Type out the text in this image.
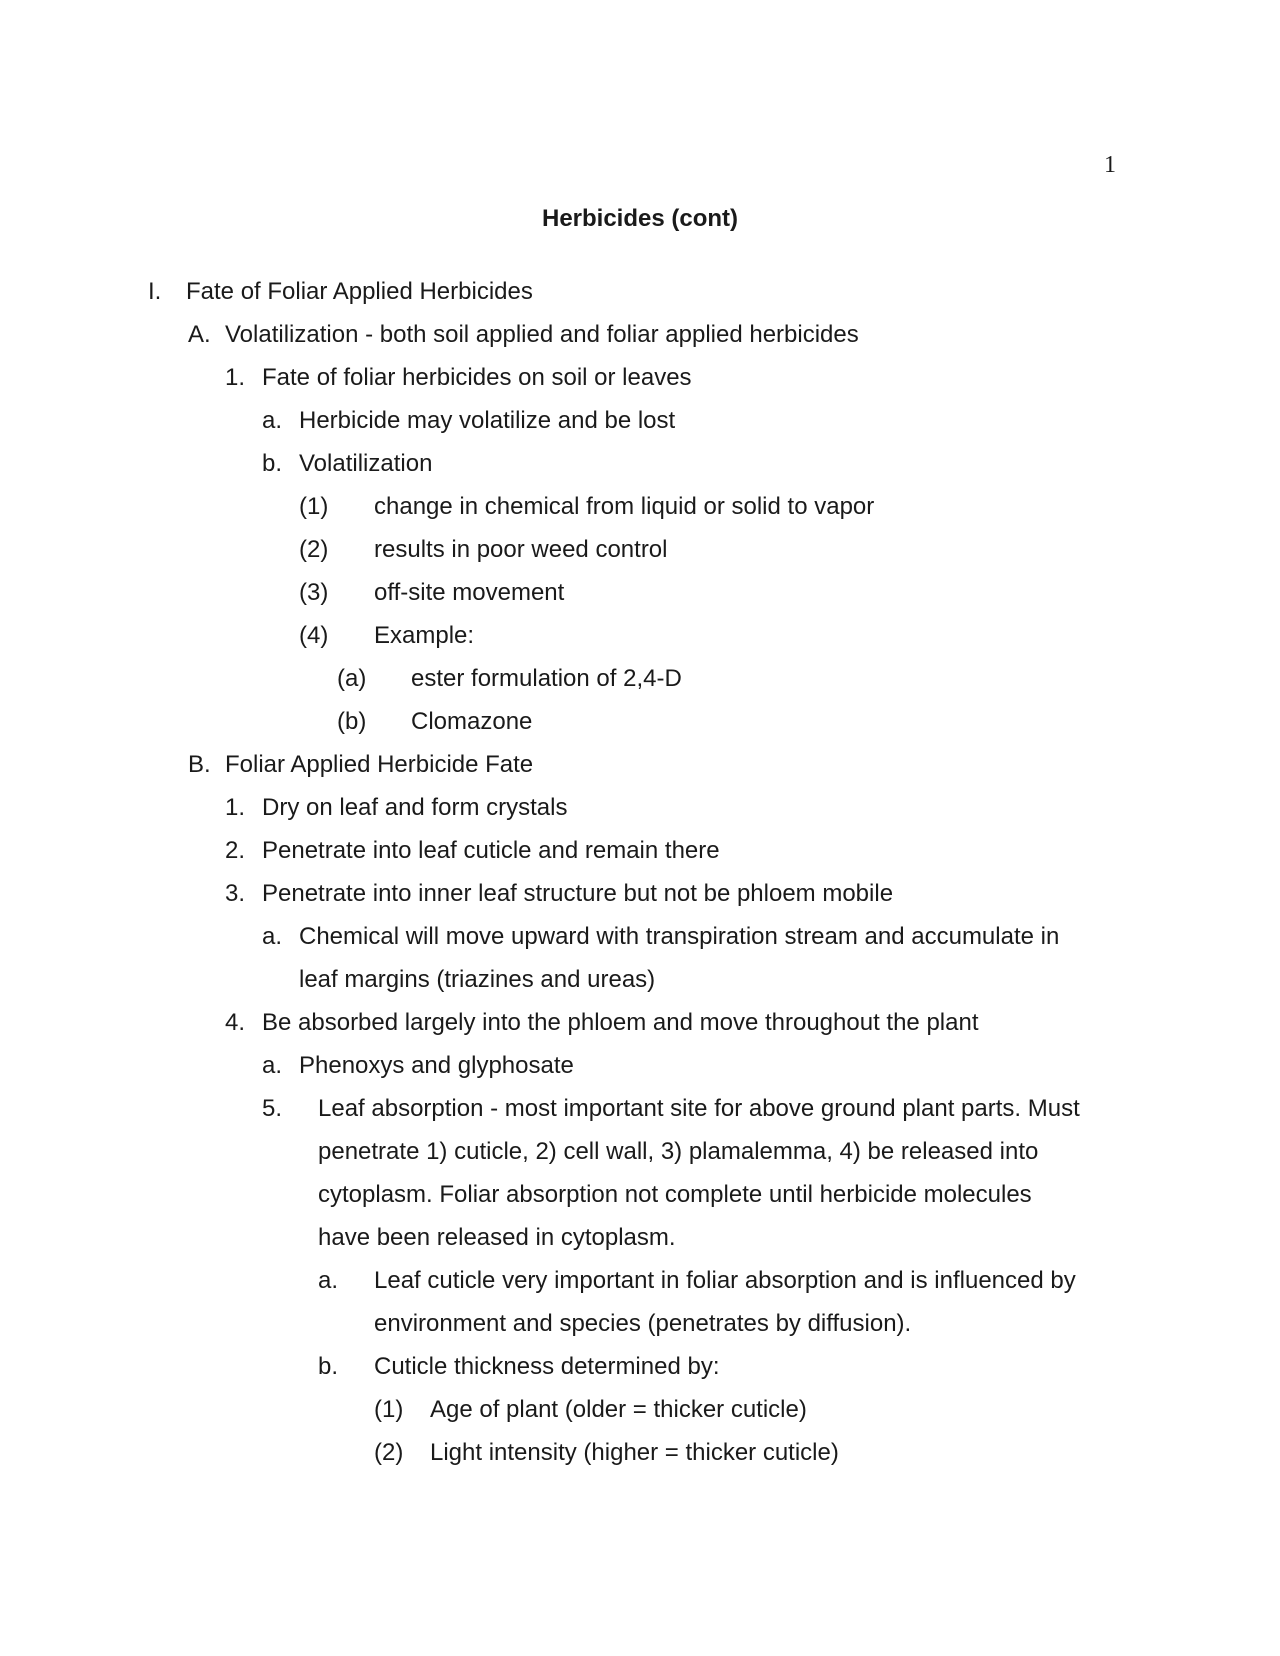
1
Herbicides (cont)
I. Fate of Foliar Applied Herbicides
A. Volatilization - both soil applied and foliar applied herbicides
1. Fate of foliar herbicides on soil or leaves
a. Herbicide may volatilize and be lost
b. Volatilization
(1) change in chemical from liquid or solid to vapor
(2) results in poor weed control
(3) off-site movement
(4) Example:
(a) ester formulation of 2,4-D
(b) Clomazone
B. Foliar Applied Herbicide Fate
1. Dry on leaf and form crystals
2. Penetrate into leaf cuticle and remain there
3. Penetrate into inner leaf structure but not be phloem mobile
a. Chemical will move upward with transpiration stream and accumulate in
leaf margins (triazines and ureas)
4. Be absorbed largely into the phloem and move throughout the plant
a. Phenoxys and glyphosate
5. Leaf absorption - most important site for above ground plant parts. Must
penetrate 1) cuticle, 2) cell wall, 3) plamalemma, 4) be released into
cytoplasm. Foliar absorption not complete until herbicide molecules
have been released in cytoplasm.
a. Leaf cuticle very important in foliar absorption and is influenced by
environment and species (penetrates by diffusion).
b. Cuticle thickness determined by:
(1) Age of plant (older = thicker cuticle)
(2) Light intensity (higher = thicker cuticle)
